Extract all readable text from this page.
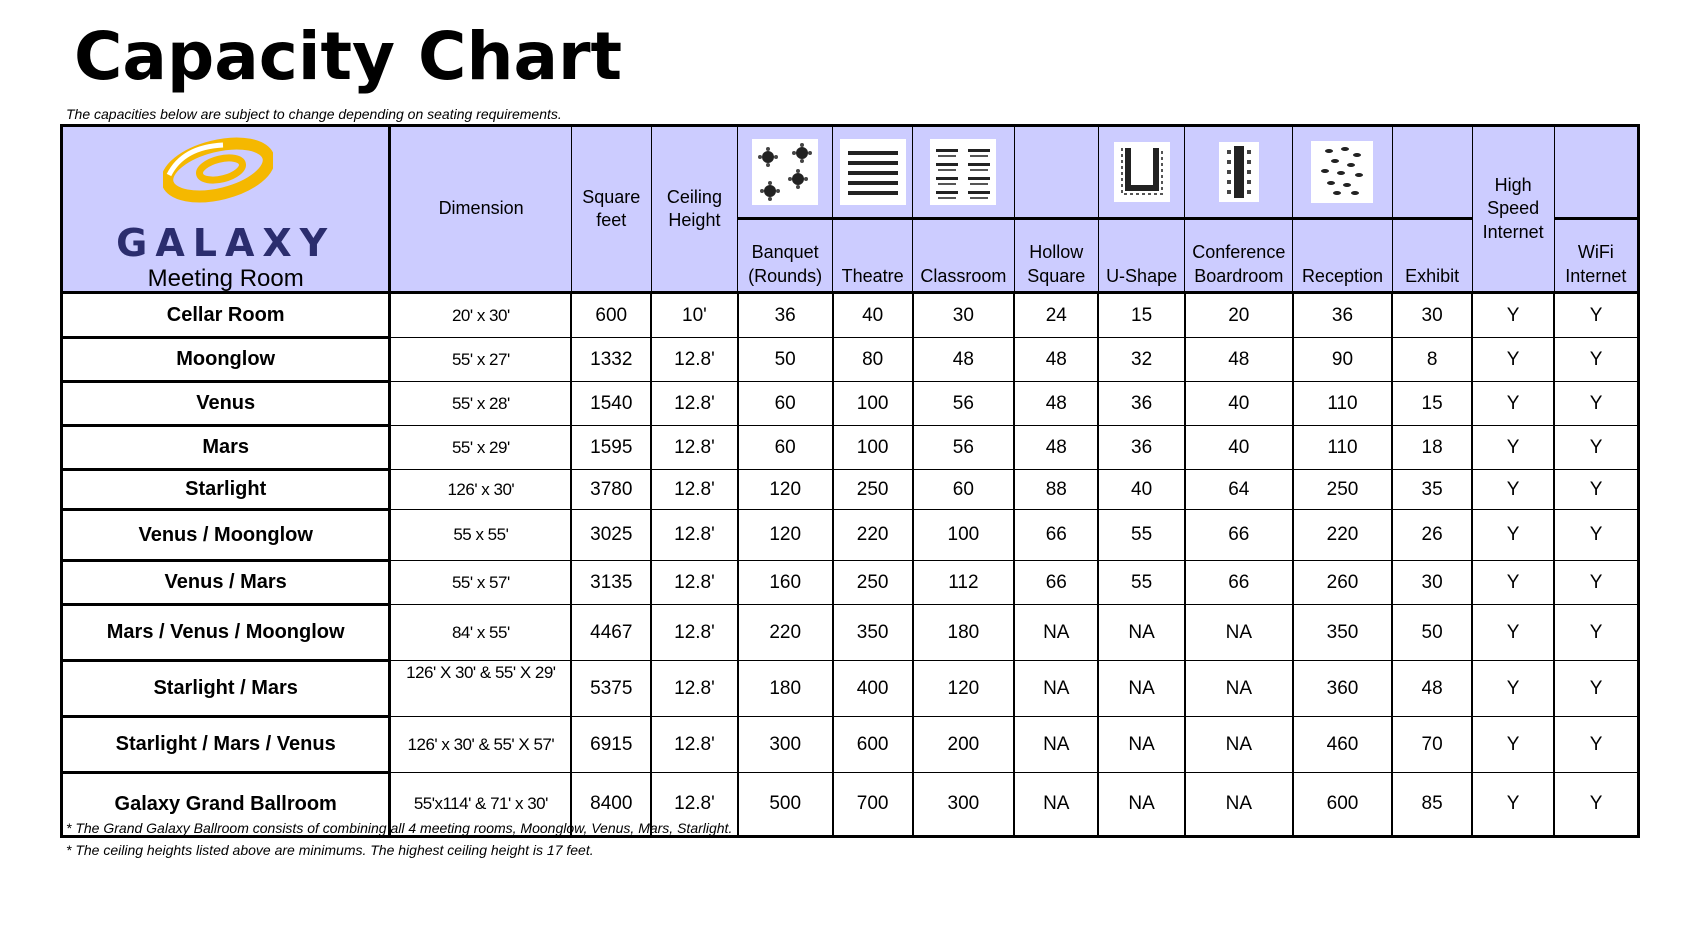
Capacity Chart
The capacities below are subject to change depending on seating requirements.
GALAXY
Meeting Room	Dimension	Square feet	Ceiling Height									High Speed Internet	
				Banquet (Rounds)	Theatre	Classroom	Hollow Square	U-Shape	Conference Boardroom	Reception	Exhibit		WiFi Internet
Cellar Room	20' x 30'	600	10'	36	40	30	24	15	20	36	30	Y	Y
Moonglow	55' x 27'	1332	12.8'	50	80	48	48	32	48	90	8	Y	Y
Venus	55' x 28'	1540	12.8'	60	100	56	48	36	40	110	15	Y	Y
Mars	55' x 29'	1595	12.8'	60	100	56	48	36	40	110	18	Y	Y
Starlight	126' x 30'	3780	12.8'	120	250	60	88	40	64	250	35	Y	Y
Venus / Moonglow	55 x 55'	3025	12.8'	120	220	100	66	55	66	220	26	Y	Y
Venus / Mars	55' x 57'	3135	12.8'	160	250	112	66	55	66	260	30	Y	Y
Mars / Venus / Moonglow	84' x 55'	4467	12.8'	220	350	180	NA	NA	NA	350	50	Y	Y
Starlight / Mars	126' X 30' & 55' X 29'	5375	12.8'	180	400	120	NA	NA	NA	360	48	Y	Y
Starlight / Mars / Venus	126' x 30' & 55' X 57'	6915	12.8'	300	600	200	NA	NA	NA	460	70	Y	Y
Galaxy Grand Ballroom	55'x114' & 71' x 30'	8400	12.8'	500	700	300	NA	NA	NA	600	85	Y	Y
* The Grand Galaxy Ballroom consists of combining all 4 meeting rooms, Moonglow, Venus, Mars, Starlight.
* The ceiling heights listed above are minimums. The highest ceiling height is 17 feet.
